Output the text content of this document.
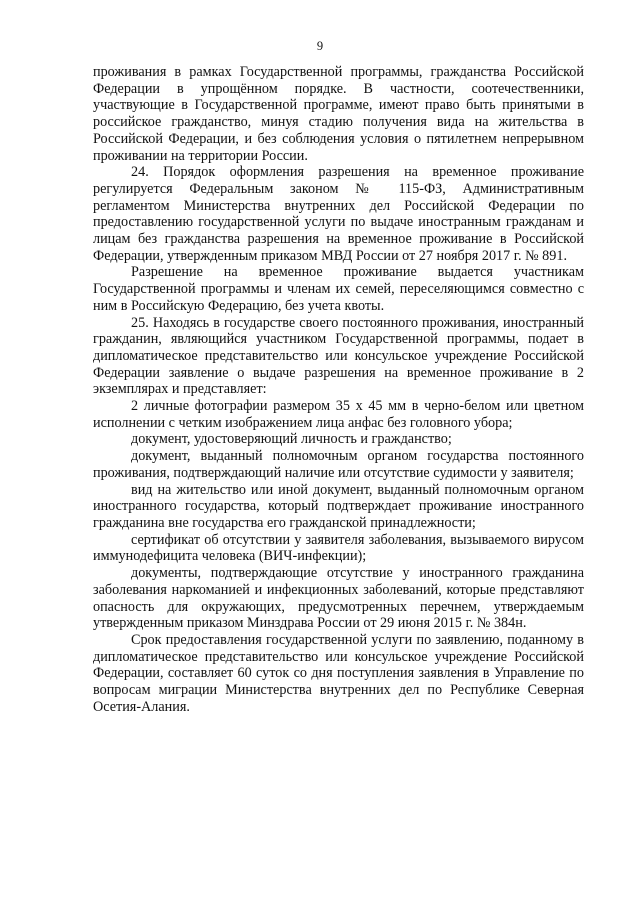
9

проживания в рамках Государственной программы, гражданства Российской Федерации в упрощённом порядке. В частности, соотечественники, участвующие в Государственной программе, имеют право быть принятыми в российское гражданство, минуя стадию получения вида на жительства в Российской Федерации, и без соблюдения условия о пятилетнем непрерывном проживании на территории России.

24. Порядок оформления разрешения на временное проживание регулируется Федеральным законом № 115-ФЗ, Административным регламентом Министерства внутренних дел Российской Федерации по предоставлению государственной услуги по выдаче иностранным гражданам и лицам без гражданства разрешения на временное проживание в Российской Федерации, утвержденным приказом МВД России от 27 ноября 2017 г. № 891.

Разрешение на временное проживание выдается участникам Государственной программы и членам их семей, переселяющимся совместно с ним в Российскую Федерацию, без учета квоты.

25. Находясь в государстве своего постоянного проживания, иностранный гражданин, являющийся участником Государственной программы, подает в дипломатическое представительство или консульское учреждение Российской Федерации заявление о выдаче разрешения на временное проживание в 2 экземплярах и представляет:

2 личные фотографии размером 35 x 45 мм в черно-белом или цветном исполнении с четким изображением лица анфас без головного убора;

документ, удостоверяющий личность и гражданство;

документ, выданный полномочным органом государства постоянного проживания, подтверждающий наличие или отсутствие судимости у заявителя;

вид на жительство или иной документ, выданный полномочным органом иностранного государства, который подтверждает проживание иностранного гражданина вне государства его гражданской принадлежности;

сертификат об отсутствии у заявителя заболевания, вызываемого вирусом иммунодефицита человека (ВИЧ-инфекции);

документы, подтверждающие отсутствие у иностранного гражданина заболевания наркоманией и инфекционных заболеваний, которые представляют опасность для окружающих, предусмотренных перечнем, утверждаемым утвержденным приказом Минздрава России от 29 июня 2015 г. № 384н.

Срок предоставления государственной услуги по заявлению, поданному в дипломатическое представительство или консульское учреждение Российской Федерации, составляет 60 суток со дня поступления заявления в Управление по вопросам миграции Министерства внутренних дел по Республике Северная Осетия-Алания.
